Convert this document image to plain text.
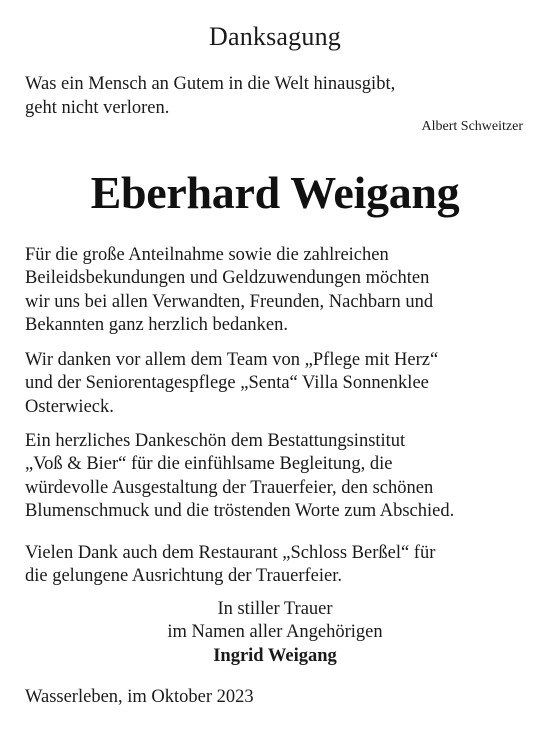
Danksagung
Was ein Mensch an Gutem in die Welt hinausgibt,
geht nicht verloren.
Albert Schweitzer
Eberhard Weigang
Für die große Anteilnahme sowie die zahlreichen
Beileidsbekundungen und Geldzuwendungen möchten
wir uns bei allen Verwandten, Freunden, Nachbarn und
Bekannten ganz herzlich bedanken.
Wir danken vor allem dem Team von „Pflege mit Herz“
und der Seniorentagespflege „Senta“ Villa Sonnenklee
Osterwieck.
Ein herzliches Dankeschön dem Bestattungsinstitut
„Voß & Bier“ für die einfühlsame Begleitung, die
würdevolle Ausgestaltung der Trauerfeier, den schönen
Blumenschmuck und die tröstenden Worte zum Abschied.
Vielen Dank auch dem Restaurant „Schloss Berßel“ für
die gelungene Ausrichtung der Trauerfeier.
In stiller Trauer
im Namen aller Angehörigen
Ingrid Weigang
Wasserleben, im Oktober 2023
